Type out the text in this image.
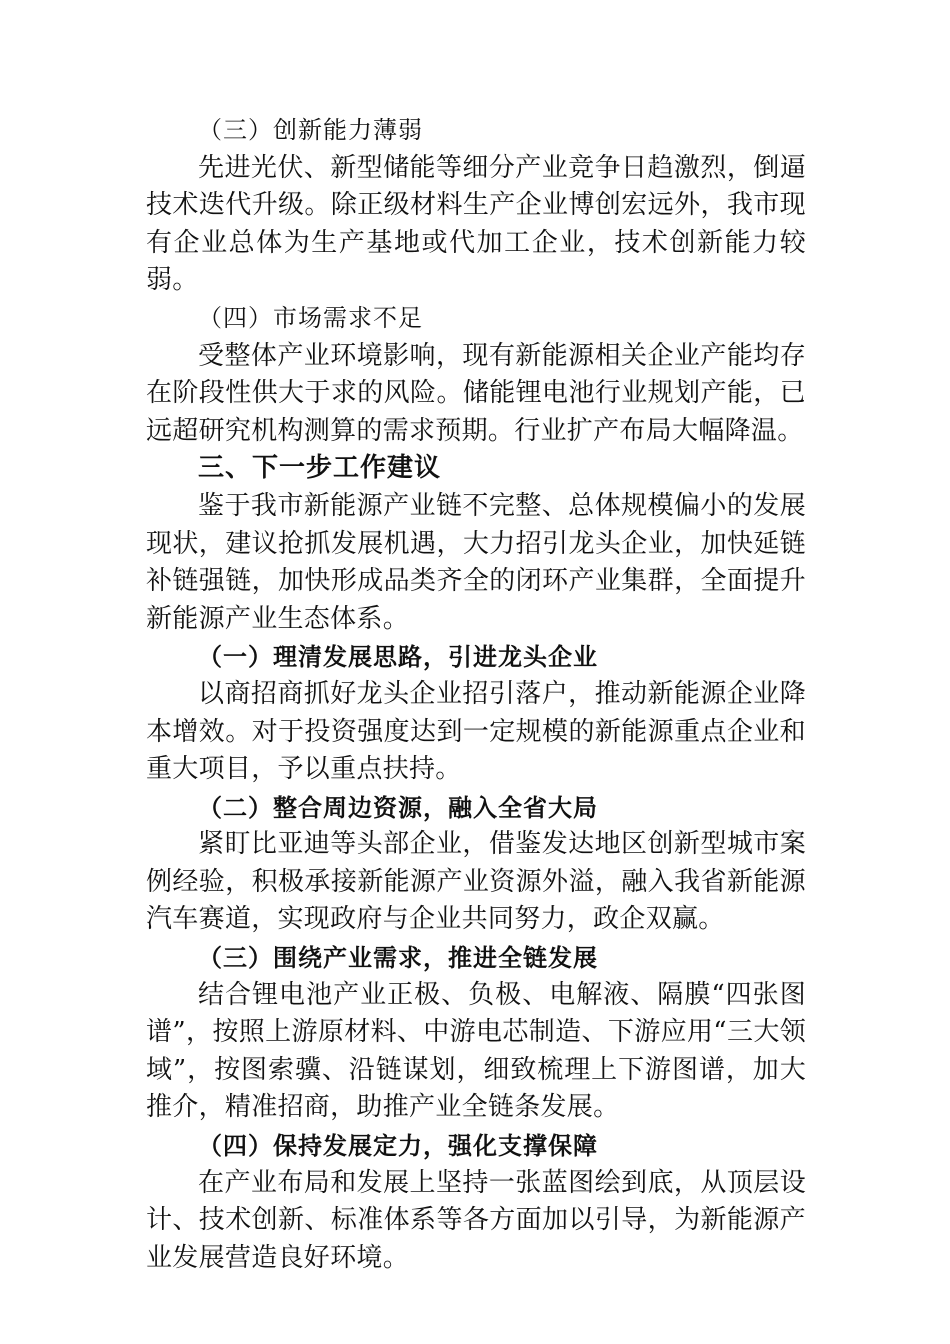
（三）创新能力薄弱

先进光伏、新型储能等细分产业竞争日趋激烈，倒逼技术迭代升级。除正级材料生产企业博创宏远外，我市现有企业总体为生产基地或代加工企业，技术创新能力较弱。

（四）市场需求不足

受整体产业环境影响，现有新能源相关企业产能均存在阶段性供大于求的风险。储能锂电池行业规划产能，已远超研究机构测算的需求预期。行业扩产布局大幅降温。

三、下一步工作建议

鉴于我市新能源产业链不完整、总体规模偏小的发展现状，建议抢抓发展机遇，大力招引龙头企业，加快延链补链强链，加快形成品类齐全的闭环产业集群，全面提升新能源产业生态体系。

（一）理清发展思路，引进龙头企业

以商招商抓好龙头企业招引落户，推动新能源企业降本增效。对于投资强度达到一定规模的新能源重点企业和重大项目，予以重点扶持。

（二）整合周边资源，融入全省大局

紧盯比亚迪等头部企业，借鉴发达地区创新型城市案例经验，积极承接新能源产业资源外溢，融入我省新能源汽车赛道，实现政府与企业共同努力，政企双赢。

（三）围绕产业需求，推进全链发展

结合锂电池产业正极、负极、电解液、隔膜“四张图谱”，按照上游原材料、中游电芯制造、下游应用“三大领域”，按图索骥、沿链谋划，细致梳理上下游图谱，加大推介，精准招商，助推产业全链条发展。

（四）保持发展定力，强化支撑保障

在产业布局和发展上坚持一张蓝图绘到底，从顶层设计、技术创新、标准体系等各方面加以引导，为新能源产业发展营造良好环境。
